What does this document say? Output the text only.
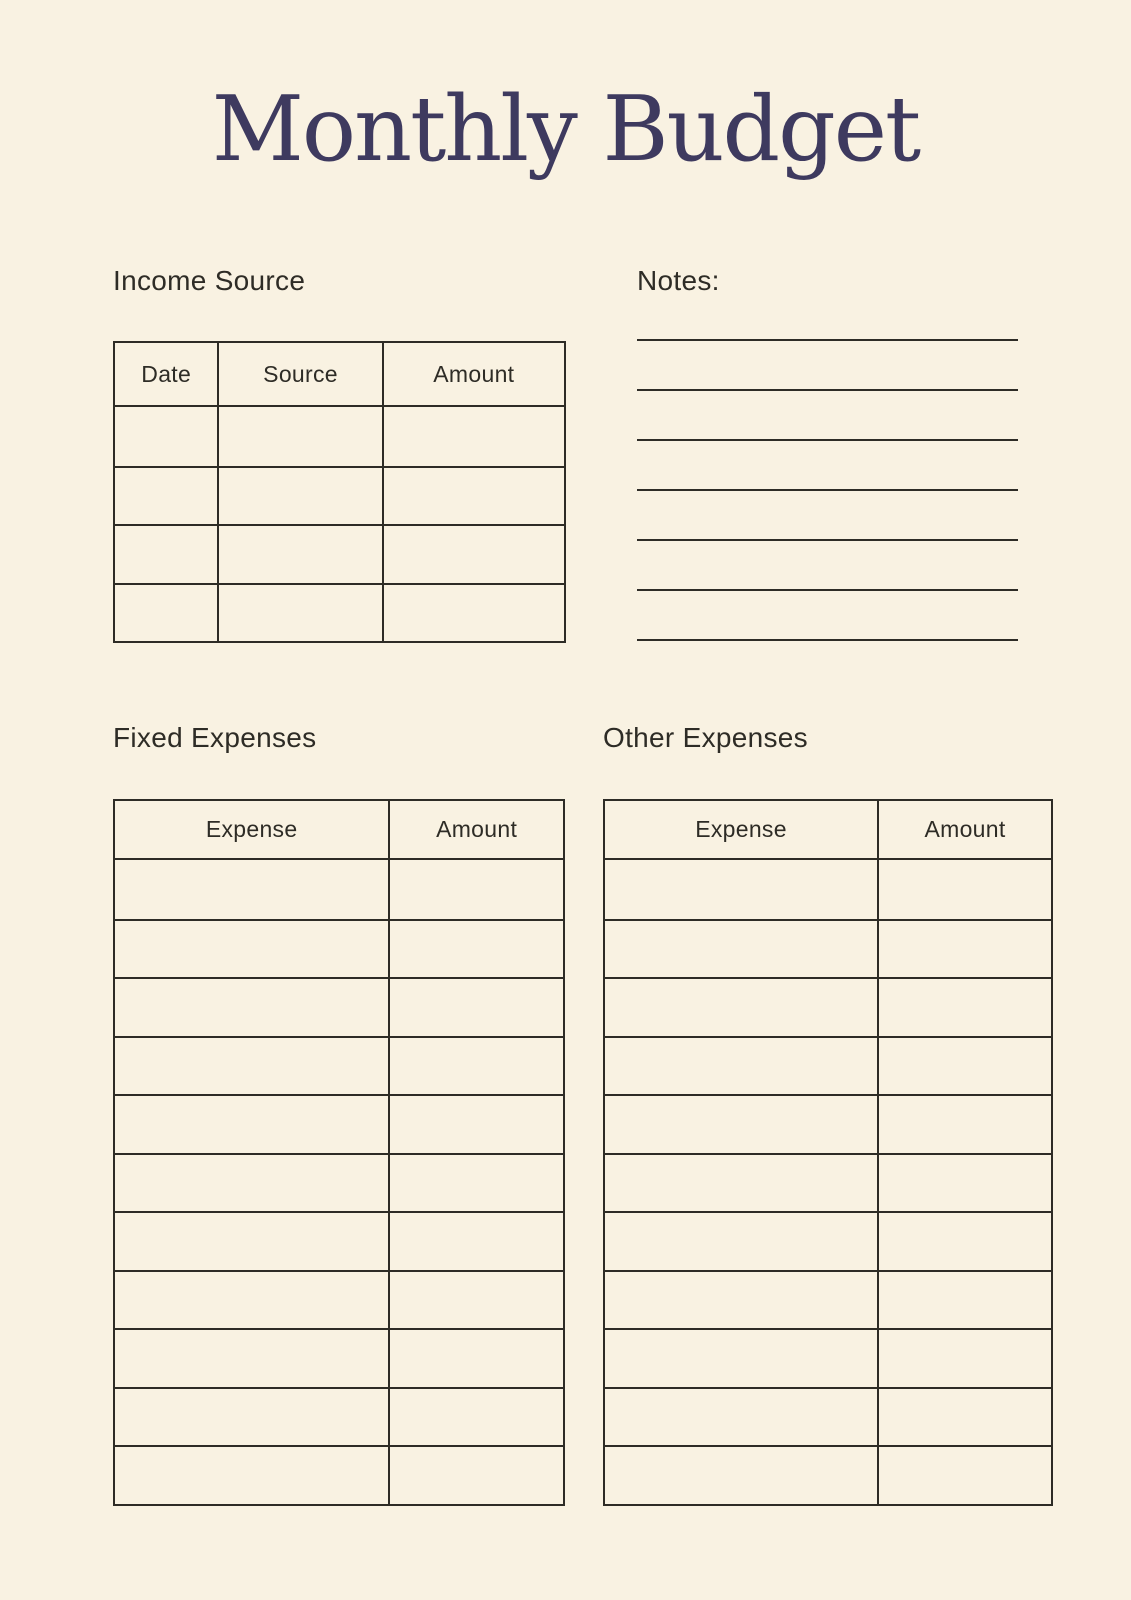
Monthly Budget
Income Source
Date	Source	Amount
Notes:
Fixed Expenses
Expense	Amount
Other Expenses
Expense	Amount
